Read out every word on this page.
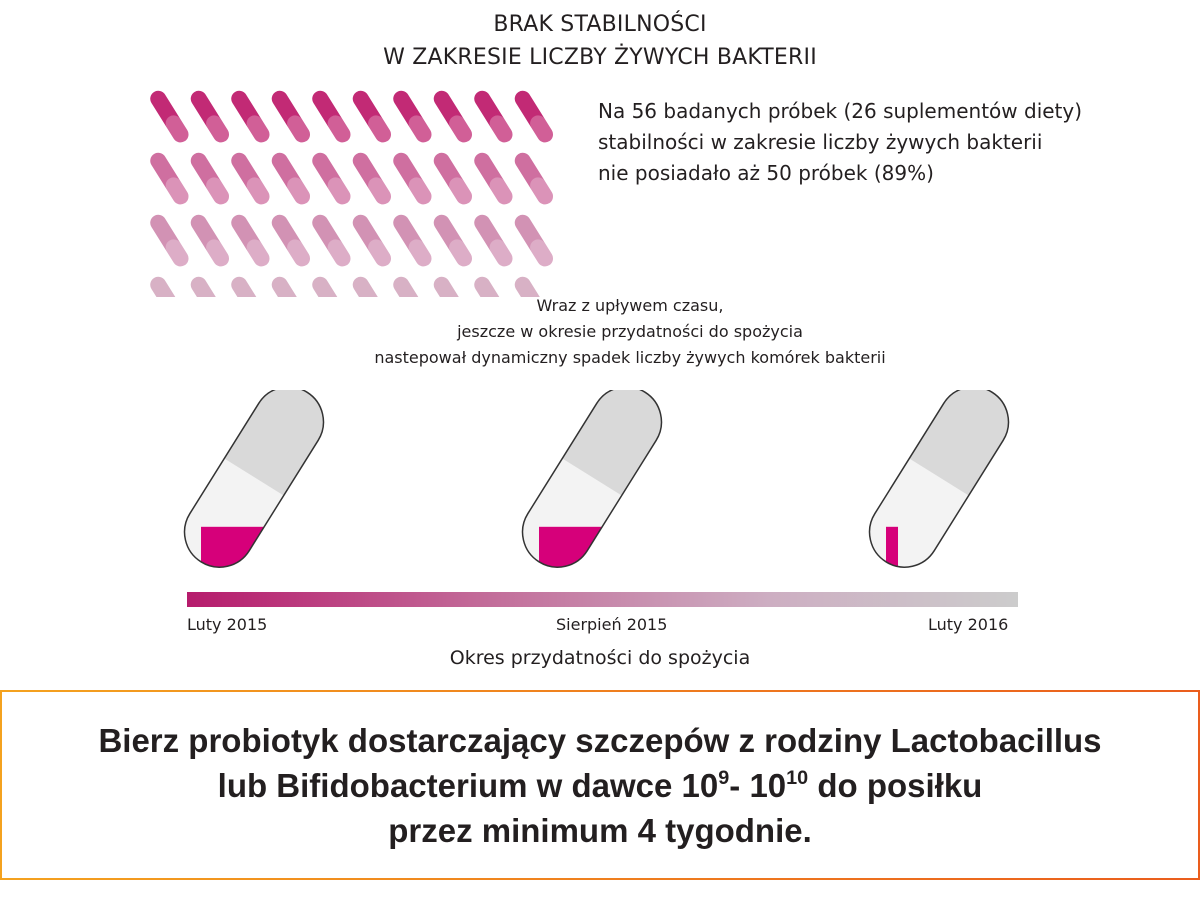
BRAK STABILNOŚCI
W ZAKRESIE LICZBY ŻYWYCH BAKTERII
Na 56 badanych próbek (26 suplementów diety)
stabilności w zakresie liczby żywych bakterii
nie posiadało aż 50 próbek (89%)
Wraz z upływem czasu,
jeszcze w okresie przydatności do spożycia
nastepował dynamiczny spadek liczby żywych komórek bakterii
Luty 2015	Sierpień 2015	Luty 2016
Okres przydatności do spożycia
Bierz probiotyk dostarczający szczepów z rodziny Lactobacillus
lub Bifidobacterium w dawce $10^9-$ $10^{10}$ do posiłku
przez minimum 4 tygodnie.
